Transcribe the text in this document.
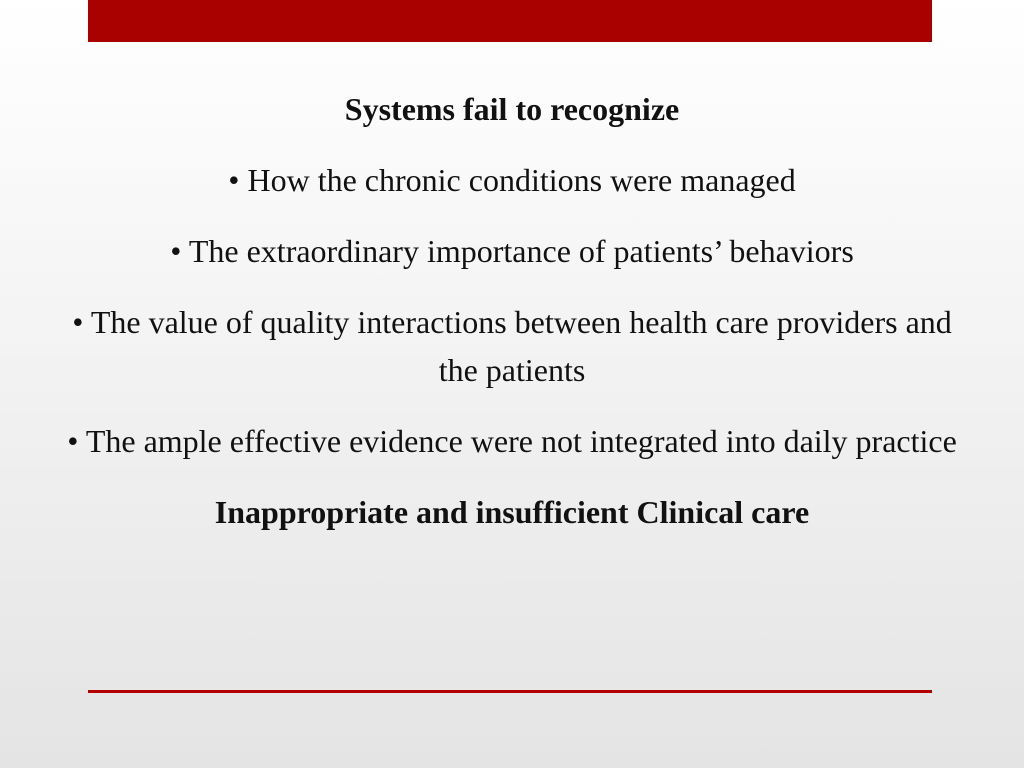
Systems fail to recognize
• How the chronic conditions were managed
• The extraordinary importance of patients’ behaviors
• The value of quality interactions between health care providers and the patients
• The ample effective evidence were not integrated into daily practice

Inappropriate and insufficient Clinical care
